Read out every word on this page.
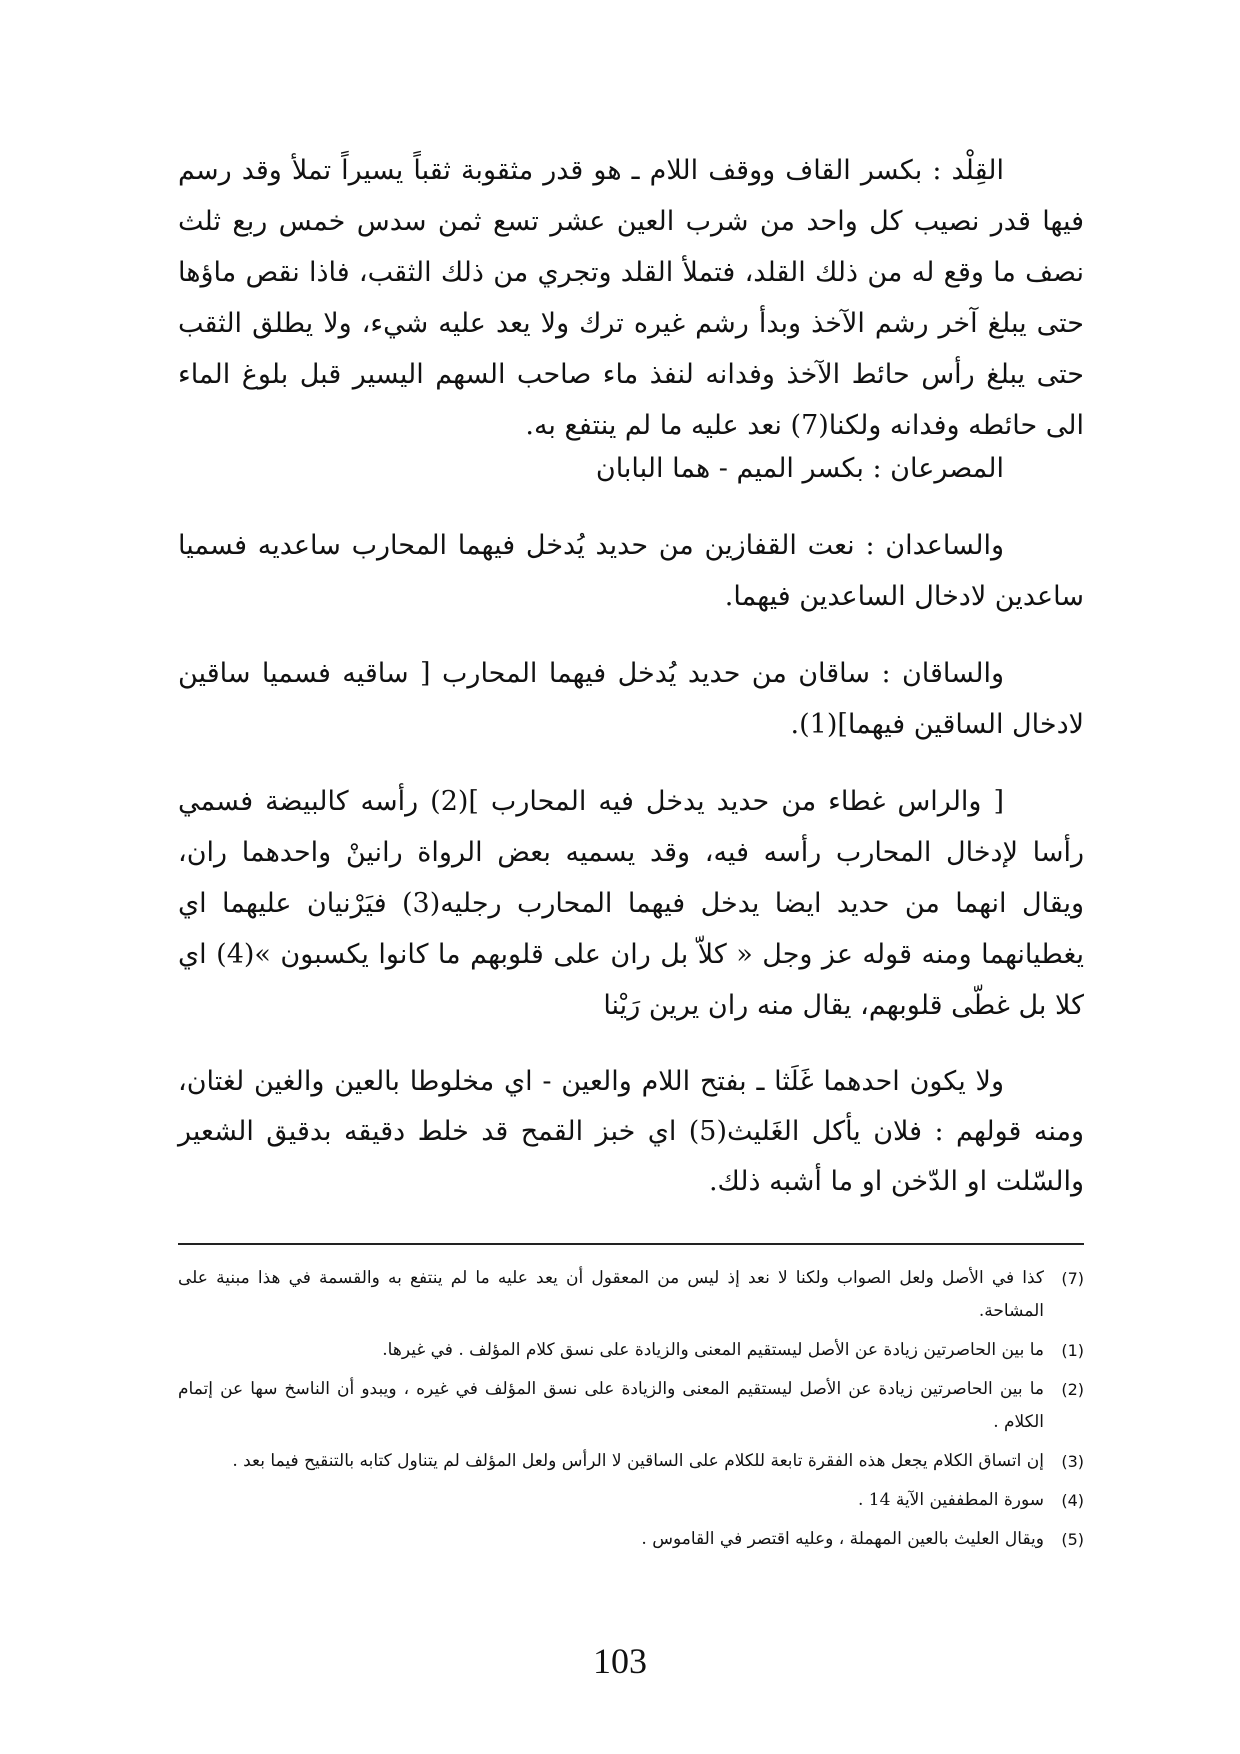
القِلْد : بكسر القاف ووقف اللام ـ هو قدر مثقوبة ثقباً يسيراً تملأ وقد رسم فيها قدر نصيب كل واحد من شرب العين عشر تسع ثمن سدس خمس ربع ثلث نصف ما وقع له من ذلك القلد، فتملأ القلد وتجري من ذلك الثقب، فاذا نقص ماؤها حتى يبلغ آخر رشم الآخذ وبدأ رشم غيره ترك ولا يعد عليه شيء، ولا يطلق الثقب حتى يبلغ رأس حائط الآخذ وفدانه لنفذ ماء صاحب السهم اليسير قبل بلوغ الماء الى حائطه وفدانه ولكنا(7) نعد عليه ما لم ينتفع به.

المصرعان : بكسر الميم - هما البابان

والساعدان : نعت القفازين من حديد يُدخل فيهما المحارب ساعديه فسميا ساعدين لادخال الساعدين فيهما.

والساقان : ساقان من حديد يُدخل فيهما المحارب [ ساقيه فسميا ساقين لادخال الساقين فيهما](1).

[ والراس غطاء من حديد يدخل فيه المحارب ](2) رأسه كالبيضة فسمي رأسا لإدخال المحارب رأسه فيه، وقد يسميه بعض الرواة رانينْ واحدهما ران، ويقال انهما من حديد ايضا يدخل فيهما المحارب رجليه(3) فيَرْنيان عليهما اي يغطيانهما ومنه قوله عز وجل « كلاّ بل ران على قلوبهم ما كانوا يكسبون »(4) اي كلا بل غطّى قلوبهم، يقال منه ران يرين رَيْنا

ولا يكون احدهما غَلَثا ـ بفتح اللام والعين - اي مخلوطا بالعين والغين لغتان، ومنه قولهم : فلان يأكل الغَليث(5) اي خبز القمح قد خلط دقيقه بدقيق الشعير والسّلت او الدّخن او ما أشبه ذلك.

(7)
كذا في الأصل ولعل الصواب ولكنا لا نعد إذ ليس من المعقول أن يعد عليه ما لم ينتفع به والقسمة في هذا مبنية على المشاحة.
(1)
ما بين الحاصرتين زيادة عن الأصل ليستقيم المعنى والزيادة على نسق كلام المؤلف . في غيرها.
(2)
ما بين الحاصرتين زيادة عن الأصل ليستقيم المعنى والزيادة على نسق المؤلف في غيره ، ويبدو أن الناسخ سها عن إتمام الكلام .
(3)
إن اتساق الكلام يجعل هذه الفقرة تابعة للكلام على الساقين لا الرأس ولعل المؤلف لم يتناول كتابه بالتنقيح فيما بعد .
(4)
سورة المطففين الآية 14 .
(5)
ويقال العليث بالعين المهملة ، وعليه اقتصر في القاموس .
103
